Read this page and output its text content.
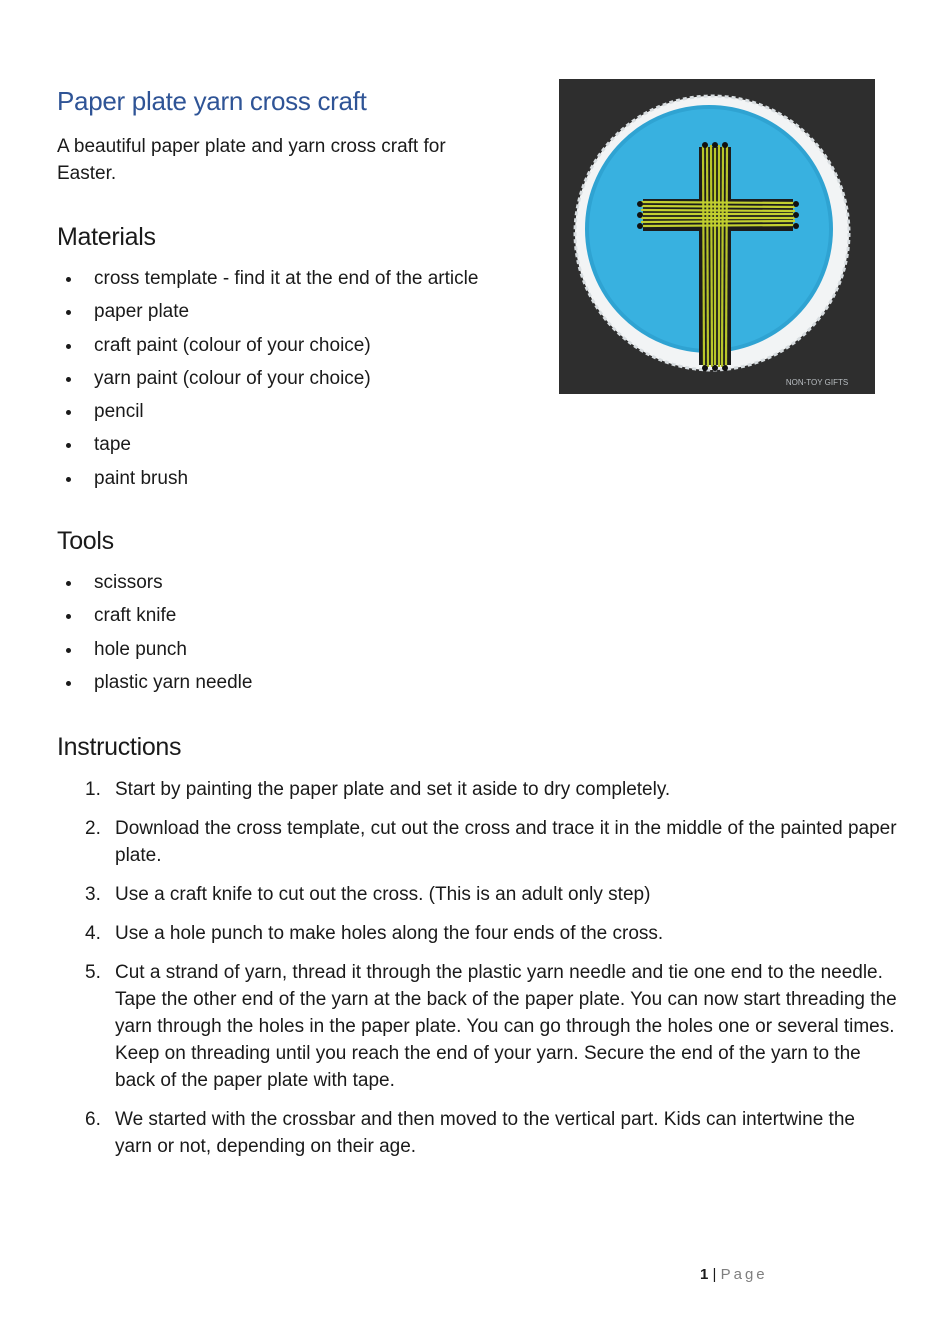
Paper plate yarn cross craft

A beautiful paper plate and yarn cross craft for Easter.

Materials
cross template - find it at the end of the article
paper plate
craft paint (colour of your choice)
yarn paint (colour of your choice)
pencil
tape
paint brush
Tools
scissors
craft knife
hole punch
plastic yarn needle
Instructions
1. Start by painting the paper plate and set it aside to dry completely.
2. Download the cross template, cut out the cross and trace it in the middle of the painted paper plate.
3. Use a craft knife to cut out the cross. (This is an adult only step)
4. Use a hole punch to make holes along the four ends of the cross.
5. Cut a strand of yarn, thread it through the plastic yarn needle and tie one end to the needle. Tape the other end of the yarn at the back of the paper plate. You can now start threading the yarn through the holes in the paper plate. You can go through the holes one or several times. Keep on threading until you reach the end of your yarn. Secure the end of the yarn to the back of the paper plate with tape.
6. We started with the crossbar and then moved to the vertical part. Kids can intertwine the yarn or not, depending on their age.
NON-TOY GIFTS
1 | Page
